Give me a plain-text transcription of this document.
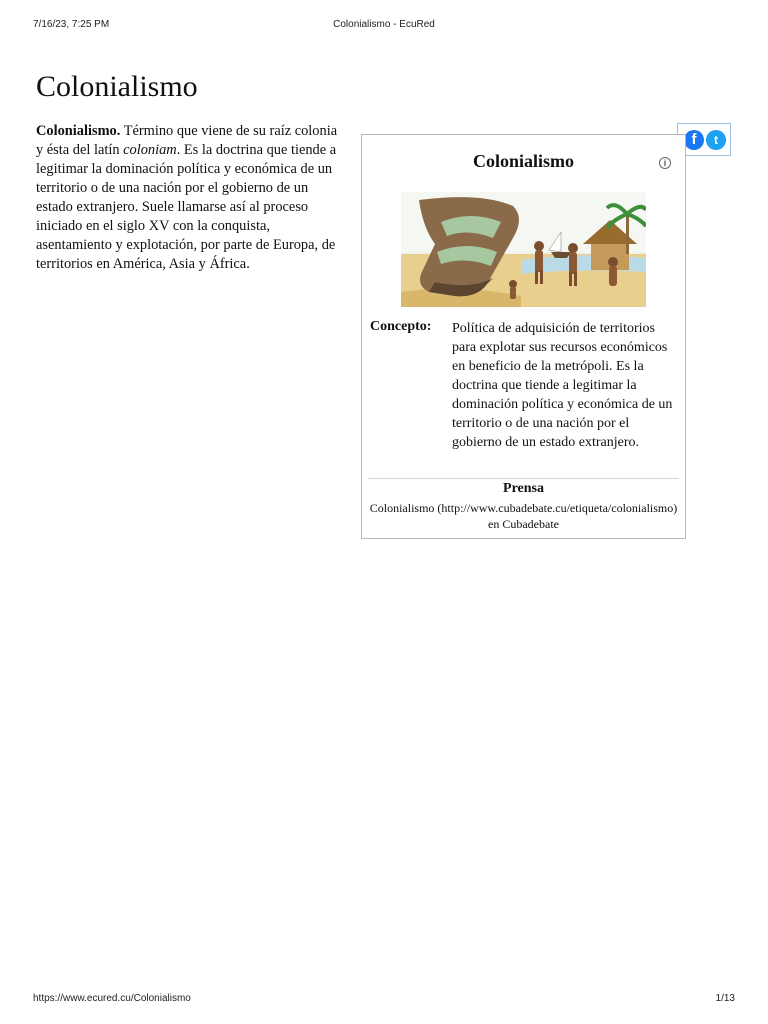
7/16/23, 7:25 PM	Colonialismo - EcuRed
Colonialismo

Colonialismo. Término que viene de su raíz colonia y ésta del latín coloniam. Es la doctrina que tiende a legitimar la dominación política y económica de un territorio o de una nación por el gobierno de un estado extranjero. Suele llamarse así al proceso iniciado en el siglo XV con la conquista, asentamiento y explotación, por parte de Europa, de territorios en América, Asia y África.

f	t
Colonialismo	i
Concepto: Política de adquisición de territorios para explotar sus recursos económicos en beneficio de la metrópoli. Es la doctrina que tiende a legitimar la dominación política y económica de un territorio o de una nación por el gobierno de un estado extranjero.
Prensa
Colonialismo (http://www.cubadebate.cu/etiqueta/colonialismo) en Cubadebate
https://www.ecured.cu/Colonialismo	1/13
